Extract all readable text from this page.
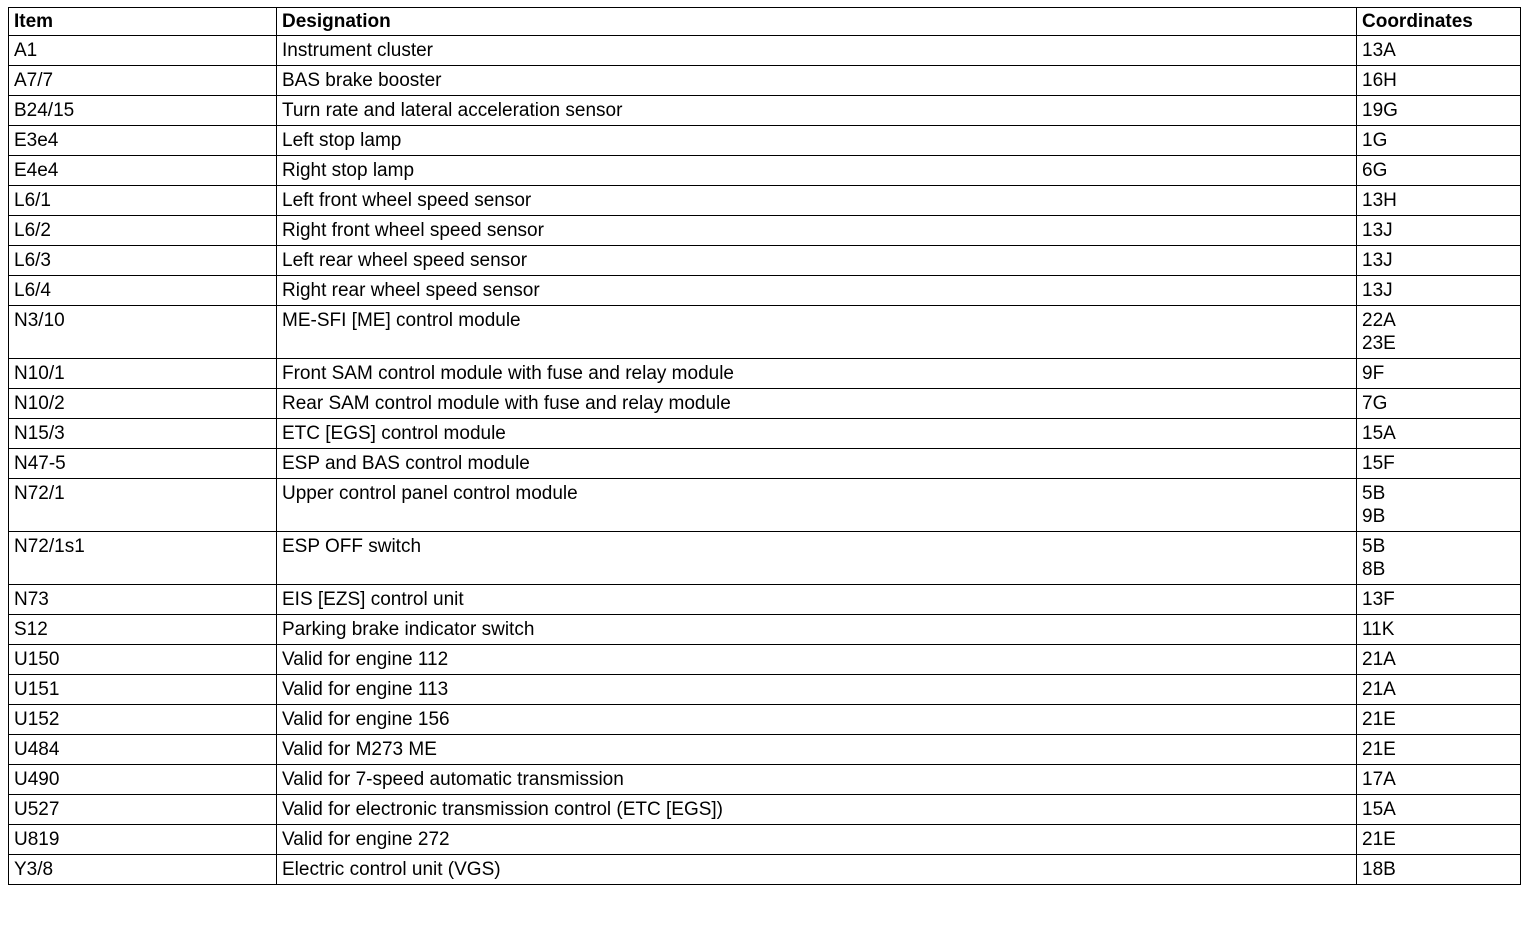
Item	Designation	Coordinates
A1	Instrument cluster	13A

A7/7	BAS brake booster	16H

B24/15	Turn rate and lateral acceleration sensor	19G

E3e4	Left stop lamp	1G

E4e4	Right stop lamp	6G

L6/1	Left front wheel speed sensor	13H

L6/2	Right front wheel speed sensor	13J

L6/3	Left rear wheel speed sensor	13J

L6/4	Right rear wheel speed sensor	13J

N3/10	ME-SFI [ME] control module	22A
23E

N10/1	Front SAM control module with fuse and relay module	9F

N10/2	Rear SAM control module with fuse and relay module	7G

N15/3	ETC [EGS] control module	15A

N47-5	ESP and BAS control module	15F

N72/1	Upper control panel control module	5B
9B

N72/1s1	ESP OFF switch	5B
8B

N73	EIS [EZS] control unit	13F

S12	Parking brake indicator switch	11K

U150	Valid for engine 112	21A

U151	Valid for engine 113	21A

U152	Valid for engine 156	21E

U484	Valid for M273 ME	21E

U490	Valid for 7-speed automatic transmission	17A

U527	Valid for electronic transmission control (ETC [EGS])	15A

U819	Valid for engine 272	21E

Y3/8	Electric control unit (VGS)	18B
